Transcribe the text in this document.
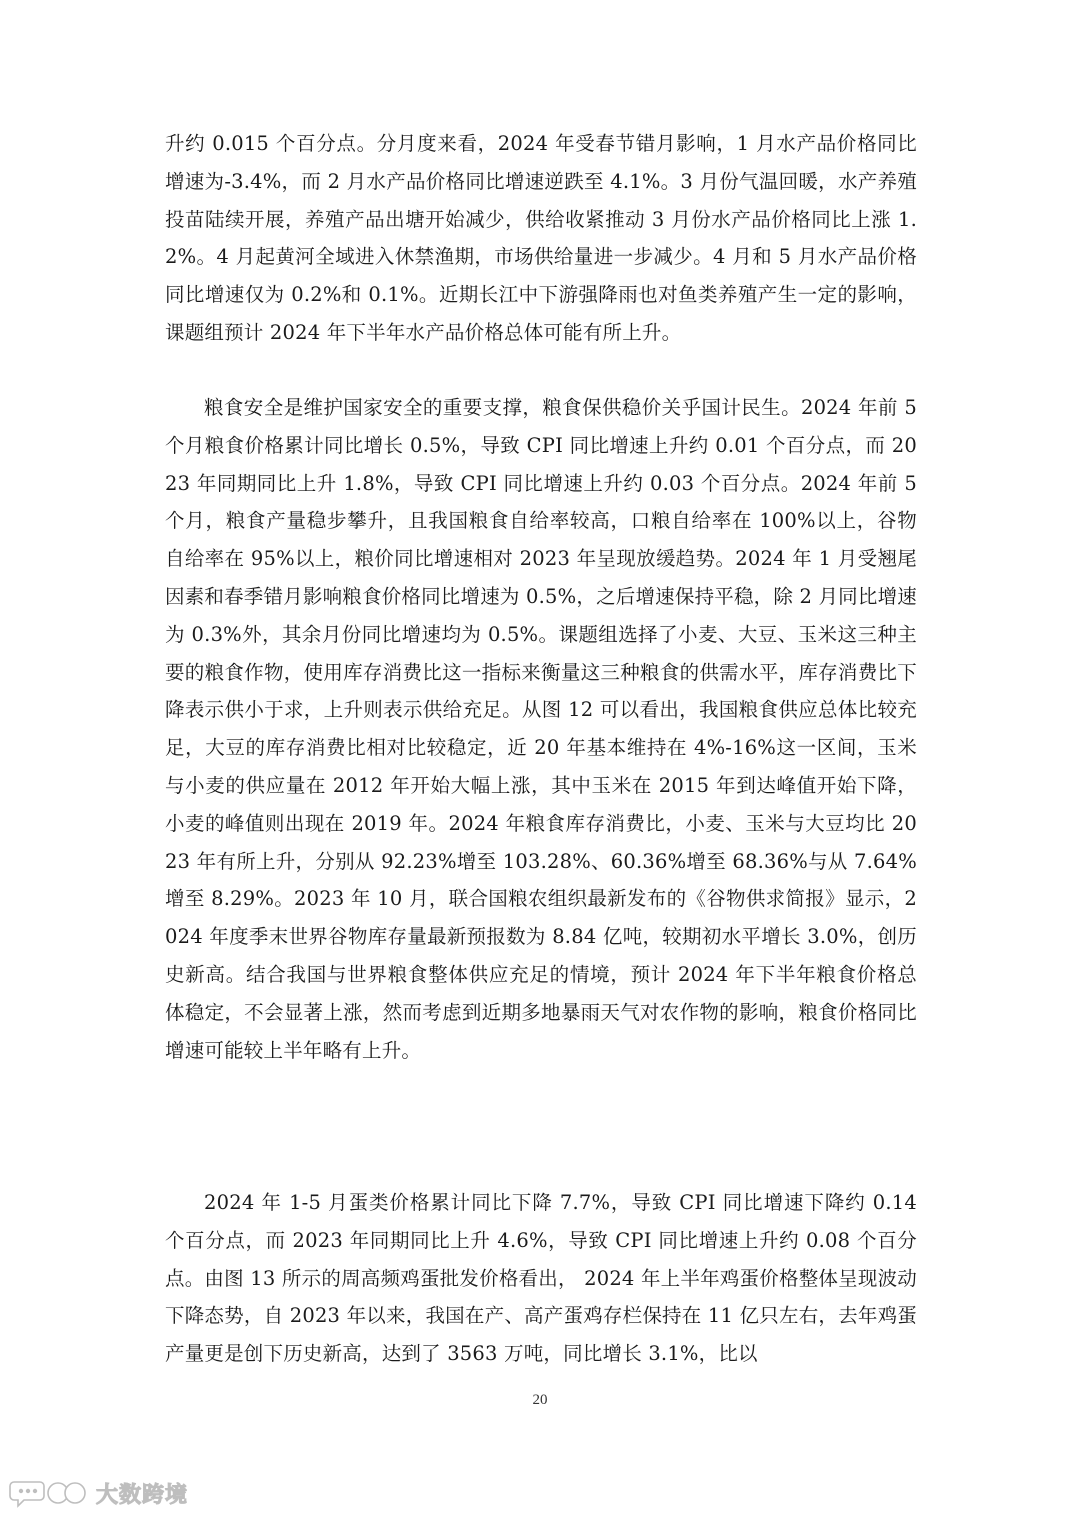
升约 0.015 个百分点。分月度来看，2024 年受春节错月影响，1 月水产品价格同比增速为-3.4%，而 2 月水产品价格同比增速逆跌至 4.1%。3 月份气温回暖，水产养殖投苗陆续开展，养殖产品出塘开始减少，供给收紧推动 3 月份水产品价格同比上涨 1.2%。4 月起黄河全域进入休禁渔期，市场供给量进一步减少。4 月和 5 月水产品价格同比增速仅为 0.2%和 0.1%。近期长江中下游强降雨也对鱼类养殖产生一定的影响，课题组预计 2024 年下半年水产品价格总体可能有所上升。

粮食安全是维护国家安全的重要支撑，粮食保供稳价关乎国计民生。2024 年前 5 个月粮食价格累计同比增长 0.5%，导致 CPI 同比增速上升约 0.01 个百分点，而 2023 年同期同比上升 1.8%，导致 CPI 同比增速上升约 0.03 个百分点。2024 年前 5 个月，粮食产量稳步攀升，且我国粮食自给率较高，口粮自给率在 100%以上，谷物自给率在 95%以上，粮价同比增速相对 2023 年呈现放缓趋势。2024 年 1 月受翘尾因素和春季错月影响粮食价格同比增速为 0.5%，之后增速保持平稳，除 2 月同比增速为 0.3%外，其余月份同比增速均为 0.5%。课题组选择了小麦、大豆、玉米这三种主要的粮食作物，使用库存消费比这一指标来衡量这三种粮食的供需水平，库存消费比下降表示供小于求，上升则表示供给充足。从图 12 可以看出，我国粮食供应总体比较充足，大豆的库存消费比相对比较稳定，近 20 年基本维持在 4%-16%这一区间，玉米与小麦的供应量在 2012 年开始大幅上涨，其中玉米在 2015 年到达峰值开始下降，小麦的峰值则出现在 2019 年。2024 年粮食库存消费比，小麦、玉米与大豆均比 2023 年有所上升，分别从 92.23%增至 103.28%、60.36%增至 68.36%与从 7.64%增至 8.29%。2023 年 10 月，联合国粮农组织最新发布的《谷物供求简报》显示，2024 年度季末世界谷物库存量最新预报数为 8.84 亿吨，较期初水平增长 3.0%，创历史新高。结合我国与世界粮食整体供应充足的情境，预计 2024 年下半年粮食价格总体稳定，不会显著上涨，然而考虑到近期多地暴雨天气对农作物的影响，粮食价格同比增速可能较上半年略有上升。

2024 年 1-5 月蛋类价格累计同比下降 7.7%，导致 CPI 同比增速下降约 0.14 个百分点，而 2023 年同期同比上升 4.6%，导致 CPI 同比增速上升约 0.08 个百分点。由图 13 所示的周高频鸡蛋批发价格看出， 2024 年上半年鸡蛋价格整体呈现波动下降态势，自 2023 年以来，我国在产、高产蛋鸡存栏保持在 11 亿只左右，去年鸡蛋产量更是创下历史新高，达到了 3563 万吨，同比增长 3.1%，比以

20
大数跨境
